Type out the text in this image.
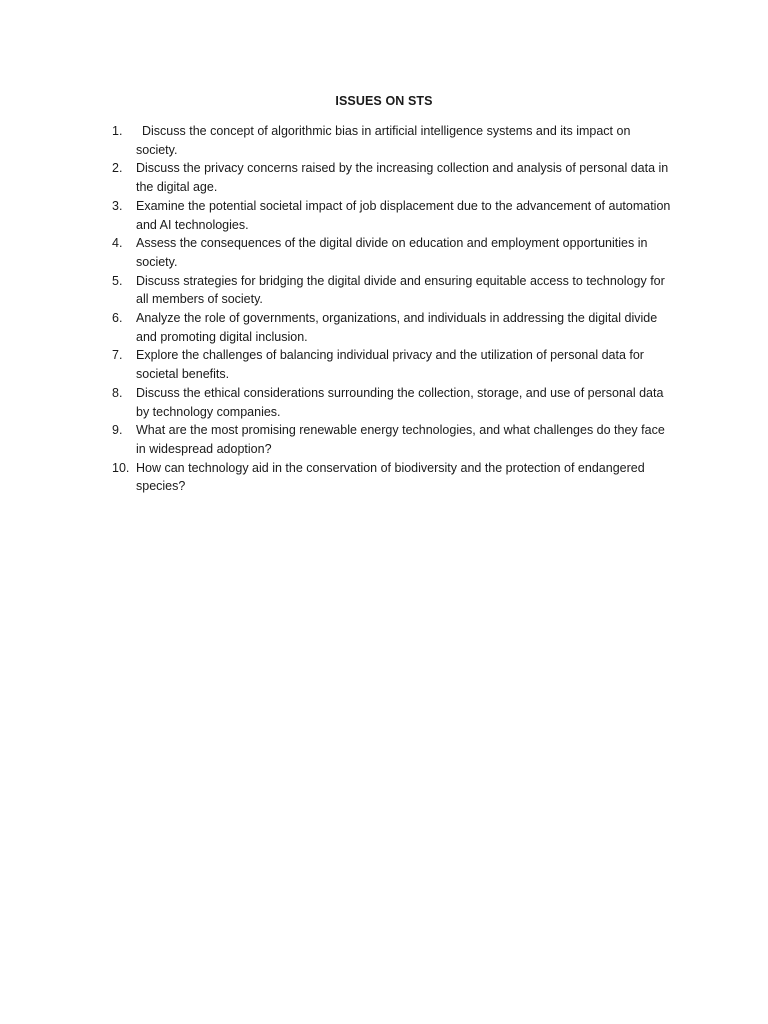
ISSUES ON STS
1.	Discuss the concept of algorithmic bias in artificial intelligence systems and its impact on society.
2.	Discuss the privacy concerns raised by the increasing collection and analysis of personal data in the digital age.
3.	Examine the potential societal impact of job displacement due to the advancement of automation and AI technologies.
4.	Assess the consequences of the digital divide on education and employment opportunities in society.
5.	Discuss strategies for bridging the digital divide and ensuring equitable access to technology for all members of society.
6.	Analyze the role of governments, organizations, and individuals in addressing the digital divide and promoting digital inclusion.
7.	Explore the challenges of balancing individual privacy and the utilization of personal data for societal benefits.
8.	Discuss the ethical considerations surrounding the collection, storage, and use of personal data by technology companies.
9.	What are the most promising renewable energy technologies, and what challenges do they face in widespread adoption?
10. How can technology aid in the conservation of biodiversity and the protection of endangered species?
